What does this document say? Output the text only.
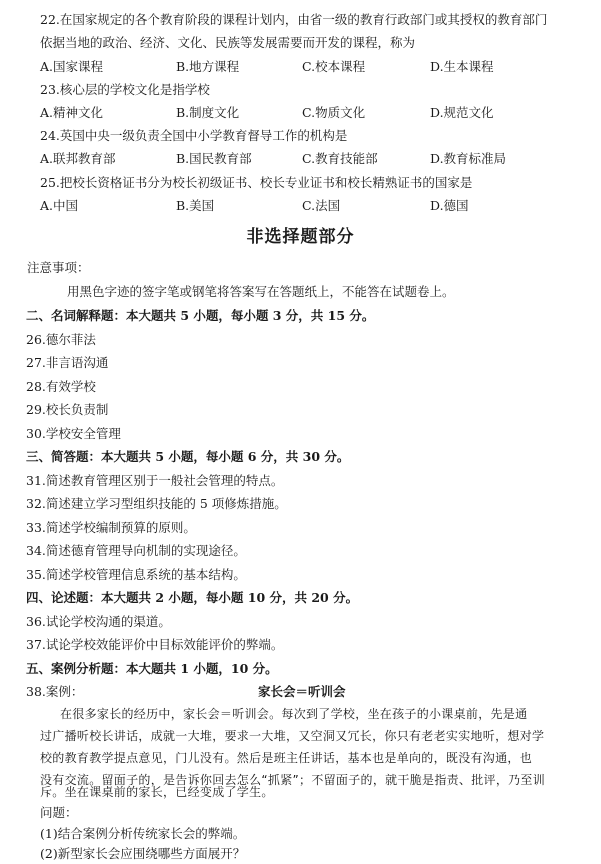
22.在国家规定的各个教育阶段的课程计划内，由省一级的教育行政部门或其授权的教育部门
依据当地的政治、经济、文化、民族等发展需要而开发的课程，称为
A.国家课程	B.地方课程	C.校本课程	D.生本课程
23.核心层的学校文化是指学校
A.精神文化	B.制度文化	C.物质文化	D.规范文化
24.英国中央一级负责全国中小学教育督导工作的机构是
A.联邦教育部	B.国民教育部	C.教育技能部	D.教育标准局
25.把校长资格证书分为校长初级证书、校长专业证书和校长精熟证书的国家是
A.中国	B.美国	C.法国	D.德国
非选择题部分
注意事项：
用黑色字迹的签字笔或钢笔将答案写在答题纸上，不能答在试题卷上。
二、名词解释题：本大题共 5 小题，每小题 3 分，共 15 分。
26.德尔菲法
27.非言语沟通
28.有效学校
29.校长负责制
30.学校安全管理
三、简答题：本大题共 5 小题，每小题 6 分，共 30 分。
31.简述教育管理区别于一般社会管理的特点。
32.简述建立学习型组织技能的 5 项修炼措施。
33.简述学校编制预算的原则。
34.简述德育管理导向机制的实现途径。
35.简述学校管理信息系统的基本结构。
四、论述题：本大题共 2 小题，每小题 10 分，共 20 分。
36.试论学校沟通的渠道。
37.试论学校效能评价中目标效能评价的弊端。
五、案例分析题：本大题共 1 小题，10 分。
38.案例：	家长会＝听训会
在很多家长的经历中，家长会＝听训会。每次到了学校，坐在孩子的小课桌前，先是通
过广播听校长讲话，成就一大堆，要求一大堆，又空洞又冗长，你只有老老实实地听，想对学
校的教育教学提点意见，门儿没有。然后是班主任讲话，基本也是单向的，既没有沟通，也
没有交流。留面子的，是告诉你回去怎么“抓紧”；不留面子的，就干脆是指责、批评，乃至训
斥。坐在课桌前的家长，已经变成了学生。
问题：
(1)结合案例分析传统家长会的弊端。
(2)新型家长会应围绕哪些方面展开？
